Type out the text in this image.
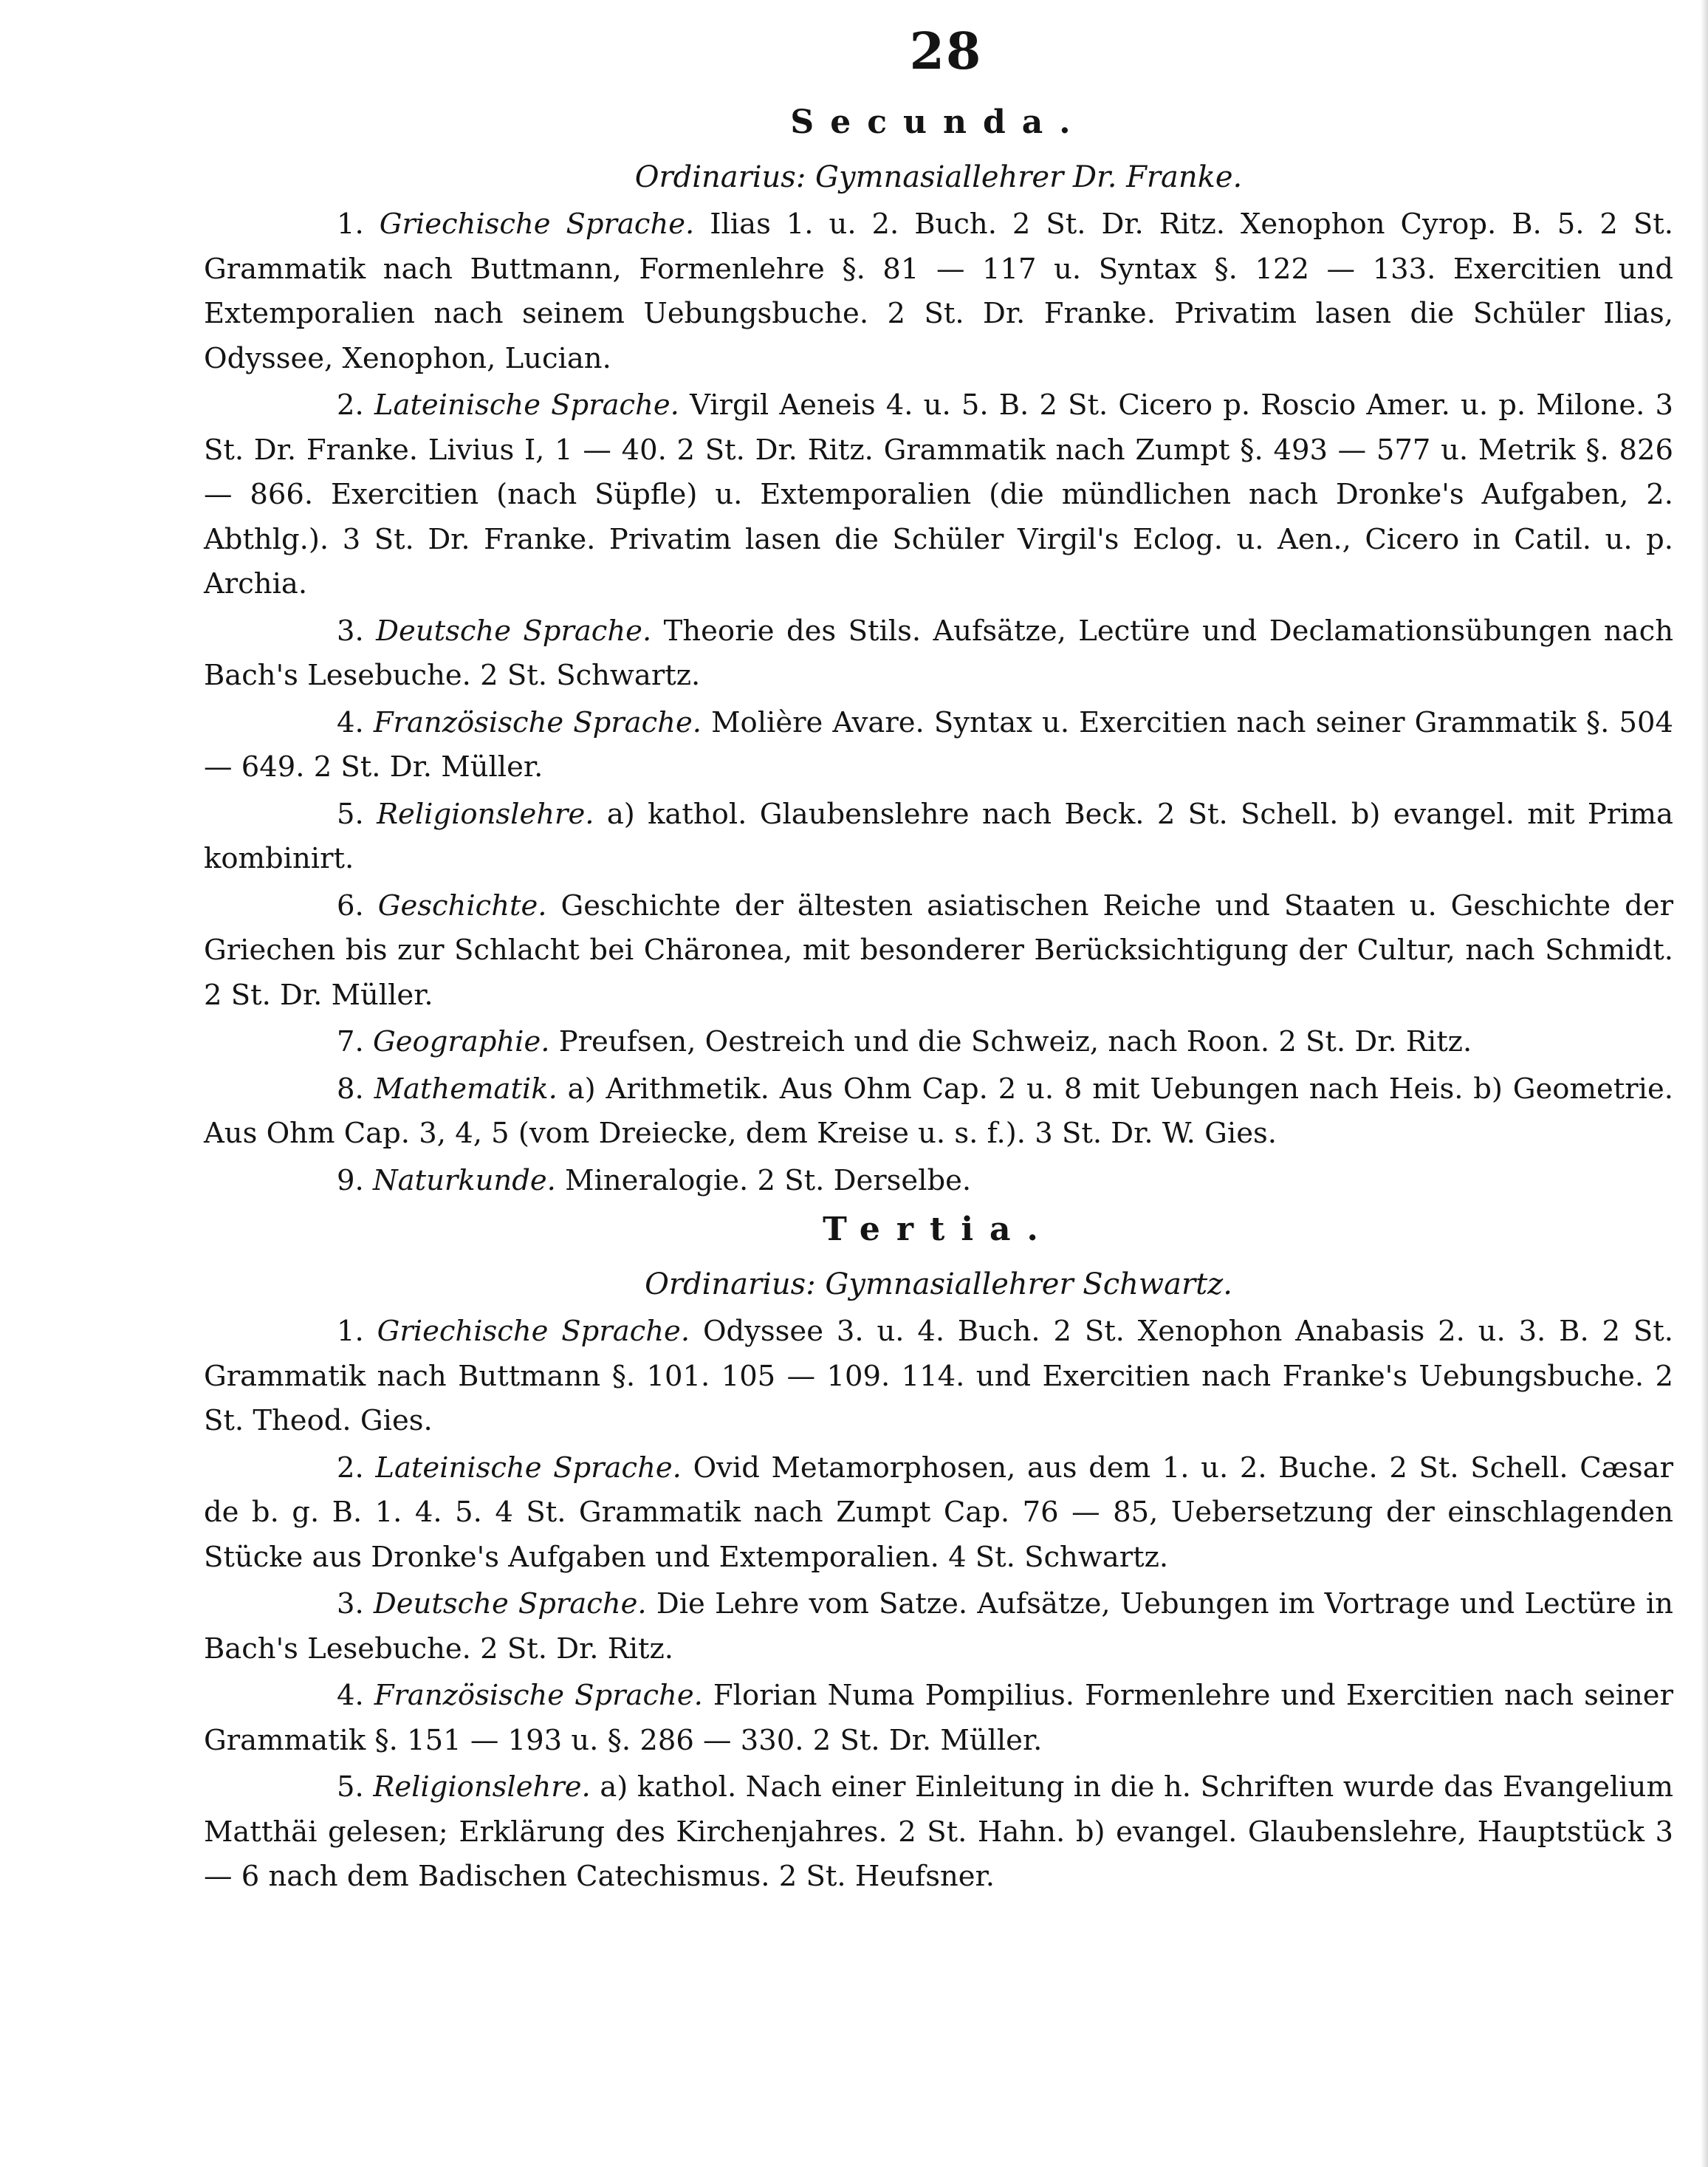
28
Secunda.
Ordinarius: Gymnasiallehrer Dr. Franke.

1. Griechische Sprache. Ilias 1. u. 2. Buch. 2 St. Dr. Ritz. Xenophon Cyrop. B. 5. 2 St. Grammatik nach Buttmann, Formenlehre §. 81 — 117 u. Syntax §. 122 — 133. Exercitien und Extemporalien nach seinem Uebungsbuche. 2 St. Dr. Franke. Privatim lasen die Schüler Ilias, Odyssee, Xenophon, Lucian.

2. Lateinische Sprache. Virgil Aeneis 4. u. 5. B. 2 St. Cicero p. Roscio Amer. u. p. Milone. 3 St. Dr. Franke. Livius I, 1 — 40. 2 St. Dr. Ritz. Grammatik nach Zumpt §. 493 — 577 u. Metrik §. 826 — 866. Exercitien (nach Süpfle) u. Extemporalien (die mündlichen nach Dronke's Aufgaben, 2. Abthlg.). 3 St. Dr. Franke. Privatim lasen die Schüler Virgil's Eclog. u. Aen., Cicero in Catil. u. p. Archia.

3. Deutsche Sprache. Theorie des Stils. Aufsätze, Lectüre und Declamationsübungen nach Bach's Lesebuche. 2 St. Schwartz.

4. Französische Sprache. Molière Avare. Syntax u. Exercitien nach seiner Grammatik §. 504 — 649. 2 St. Dr. Müller.

5. Religionslehre. a) kathol. Glaubenslehre nach Beck. 2 St. Schell. b) evangel. mit Prima kombinirt.

6. Geschichte. Geschichte der ältesten asiatischen Reiche und Staaten u. Geschichte der Griechen bis zur Schlacht bei Chäronea, mit besonderer Berücksichtigung der Cultur, nach Schmidt. 2 St. Dr. Müller.

7. Geographie. Preufsen, Oestreich und die Schweiz, nach Roon. 2 St. Dr. Ritz.

8. Mathematik. a) Arithmetik. Aus Ohm Cap. 2 u. 8 mit Uebungen nach Heis. b) Geometrie. Aus Ohm Cap. 3, 4, 5 (vom Dreiecke, dem Kreise u. s. f.). 3 St. Dr. W. Gies.

9. Naturkunde. Mineralogie. 2 St. Derselbe.

Tertia.
Ordinarius: Gymnasiallehrer Schwartz.

1. Griechische Sprache. Odyssee 3. u. 4. Buch. 2 St. Xenophon Anabasis 2. u. 3. B. 2 St. Grammatik nach Buttmann §. 101. 105 — 109. 114. und Exercitien nach Franke's Uebungsbuche. 2 St. Theod. Gies.

2. Lateinische Sprache. Ovid Metamorphosen, aus dem 1. u. 2. Buche. 2 St. Schell. Cæsar de b. g. B. 1. 4. 5. 4 St. Grammatik nach Zumpt Cap. 76 — 85, Uebersetzung der einschlagenden Stücke aus Dronke's Aufgaben und Extemporalien. 4 St. Schwartz.

3. Deutsche Sprache. Die Lehre vom Satze. Aufsätze, Uebungen im Vortrage und Lectüre in Bach's Lesebuche. 2 St. Dr. Ritz.

4. Französische Sprache. Florian Numa Pompilius. Formenlehre und Exercitien nach seiner Grammatik §. 151 — 193 u. §. 286 — 330. 2 St. Dr. Müller.

5. Religionslehre. a) kathol. Nach einer Einleitung in die h. Schriften wurde das Evangelium Matthäi gelesen; Erklärung des Kirchenjahres. 2 St. Hahn. b) evangel. Glaubenslehre, Hauptstück 3 — 6 nach dem Badischen Catechismus. 2 St. Heufsner.
